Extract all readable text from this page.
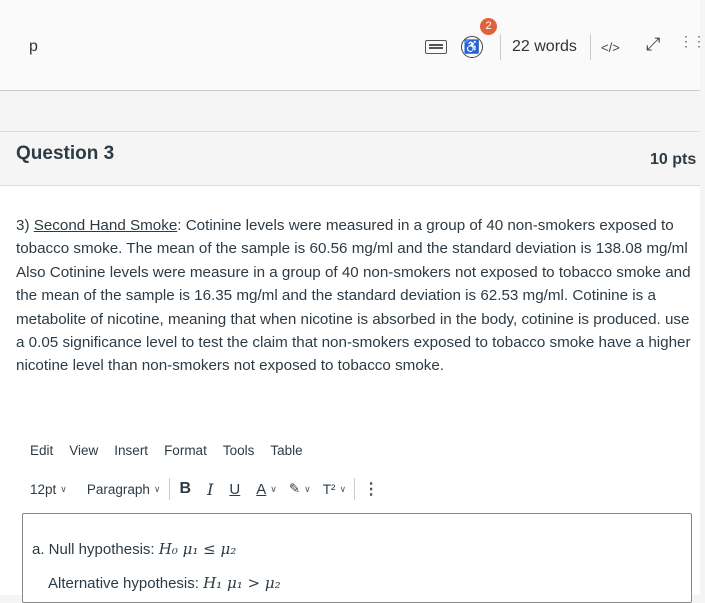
p	♿
2
22 words </> ⤢ ⋮⋮
Question 3	10 pts
3) Second Hand Smoke: Cotinine levels were measured in a group of 40 non-smokers exposed to tobacco smoke. The mean of the sample is 60.56 mg/ml and the standard deviation is 138.08 mg/ml Also Cotinine levels were measure in a group of 40 non-smokers not exposed to tobacco smoke and the mean of the sample is 16.35 mg/ml and the standard deviation is 62.53 mg/ml. Cotinine is a metabolite of nicotine, meaning that when nicotine is absorbed in the body, cotinine is produced. use a 0.05 significance level to test the claim that non-smokers exposed to tobacco smoke have a higher nicotine level than non-smokers not exposed to tobacco smoke.
Edit View Insert Format Tools Table
12pt ∨ Paragraph ∨ B I U A ∨ ✎ ∨ T² ∨ ⋮
a. Null hypothesis: H₀ μ₁ ≤ μ₂
Alternative hypothesis: H₁ μ₁ > μ₂
